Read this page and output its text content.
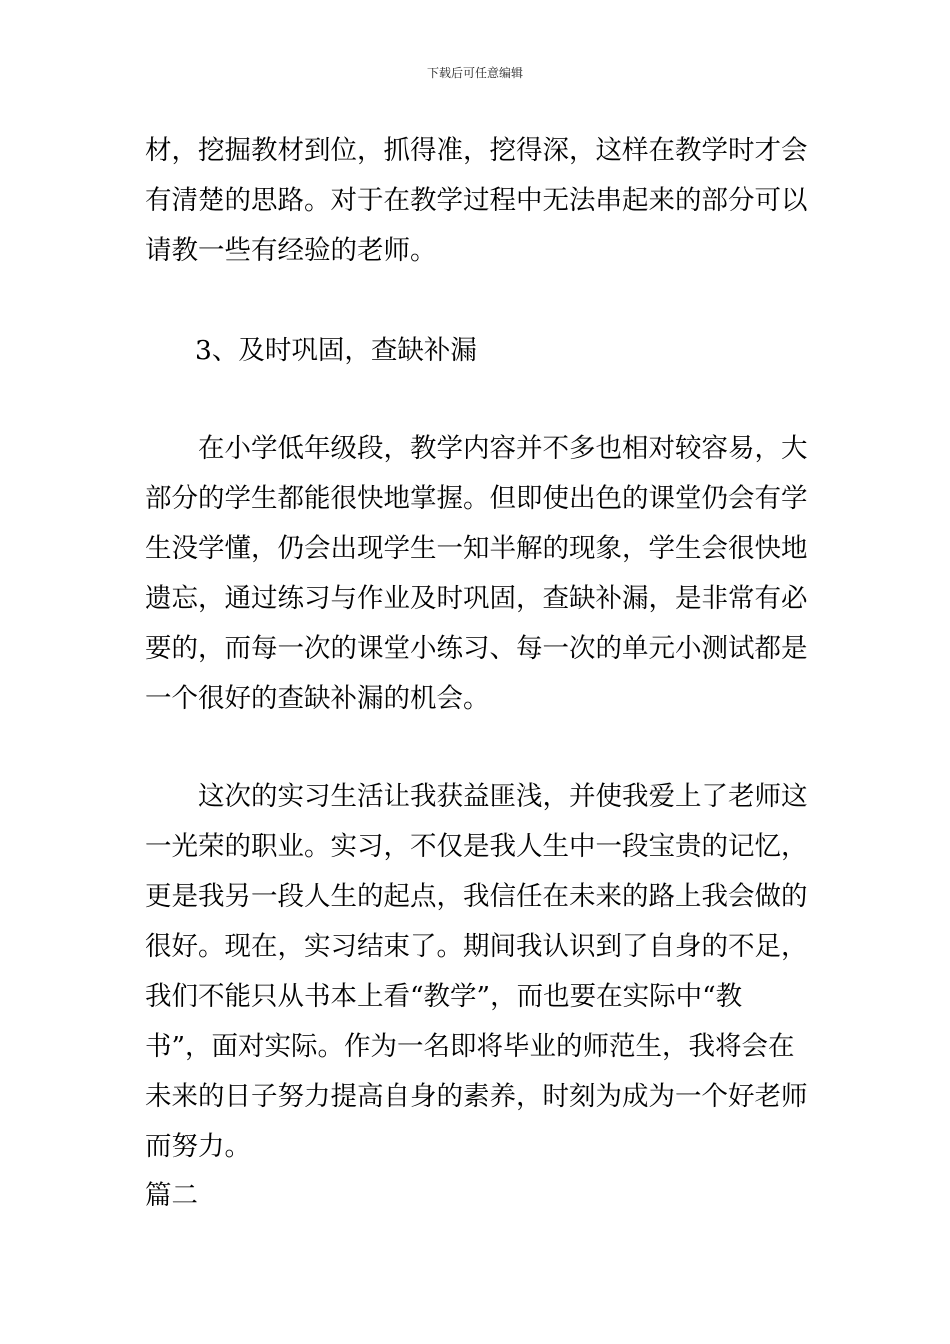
下载后可任意编辑
材，挖掘教材到位，抓得准，挖得深，这样在教学时才会
有清楚的思路。对于在教学过程中无法串起来的部分可以
请教一些有经验的老师。
3、及时巩固，查缺补漏
在小学低年级段，教学内容并不多也相对较容易，大
部分的学生都能很快地掌握。但即使出色的课堂仍会有学
生没学懂，仍会出现学生一知半解的现象，学生会很快地
遗忘，通过练习与作业及时巩固，查缺补漏，是非常有必
要的，而每一次的课堂小练习、每一次的单元小测试都是
一个很好的查缺补漏的机会。
这次的实习生活让我获益匪浅，并使我爱上了老师这
一光荣的职业。实习，不仅是我人生中一段宝贵的记忆，
更是我另一段人生的起点，我信任在未来的路上我会做的
很好。现在，实习结束了。期间我认识到了自身的不足，
我们不能只从书本上看“教学”，而也要在实际中“教
书”，面对实际。作为一名即将毕业的师范生，我将会在
未来的日子努力提高自身的素养，时刻为成为一个好老师
而努力。
篇二
